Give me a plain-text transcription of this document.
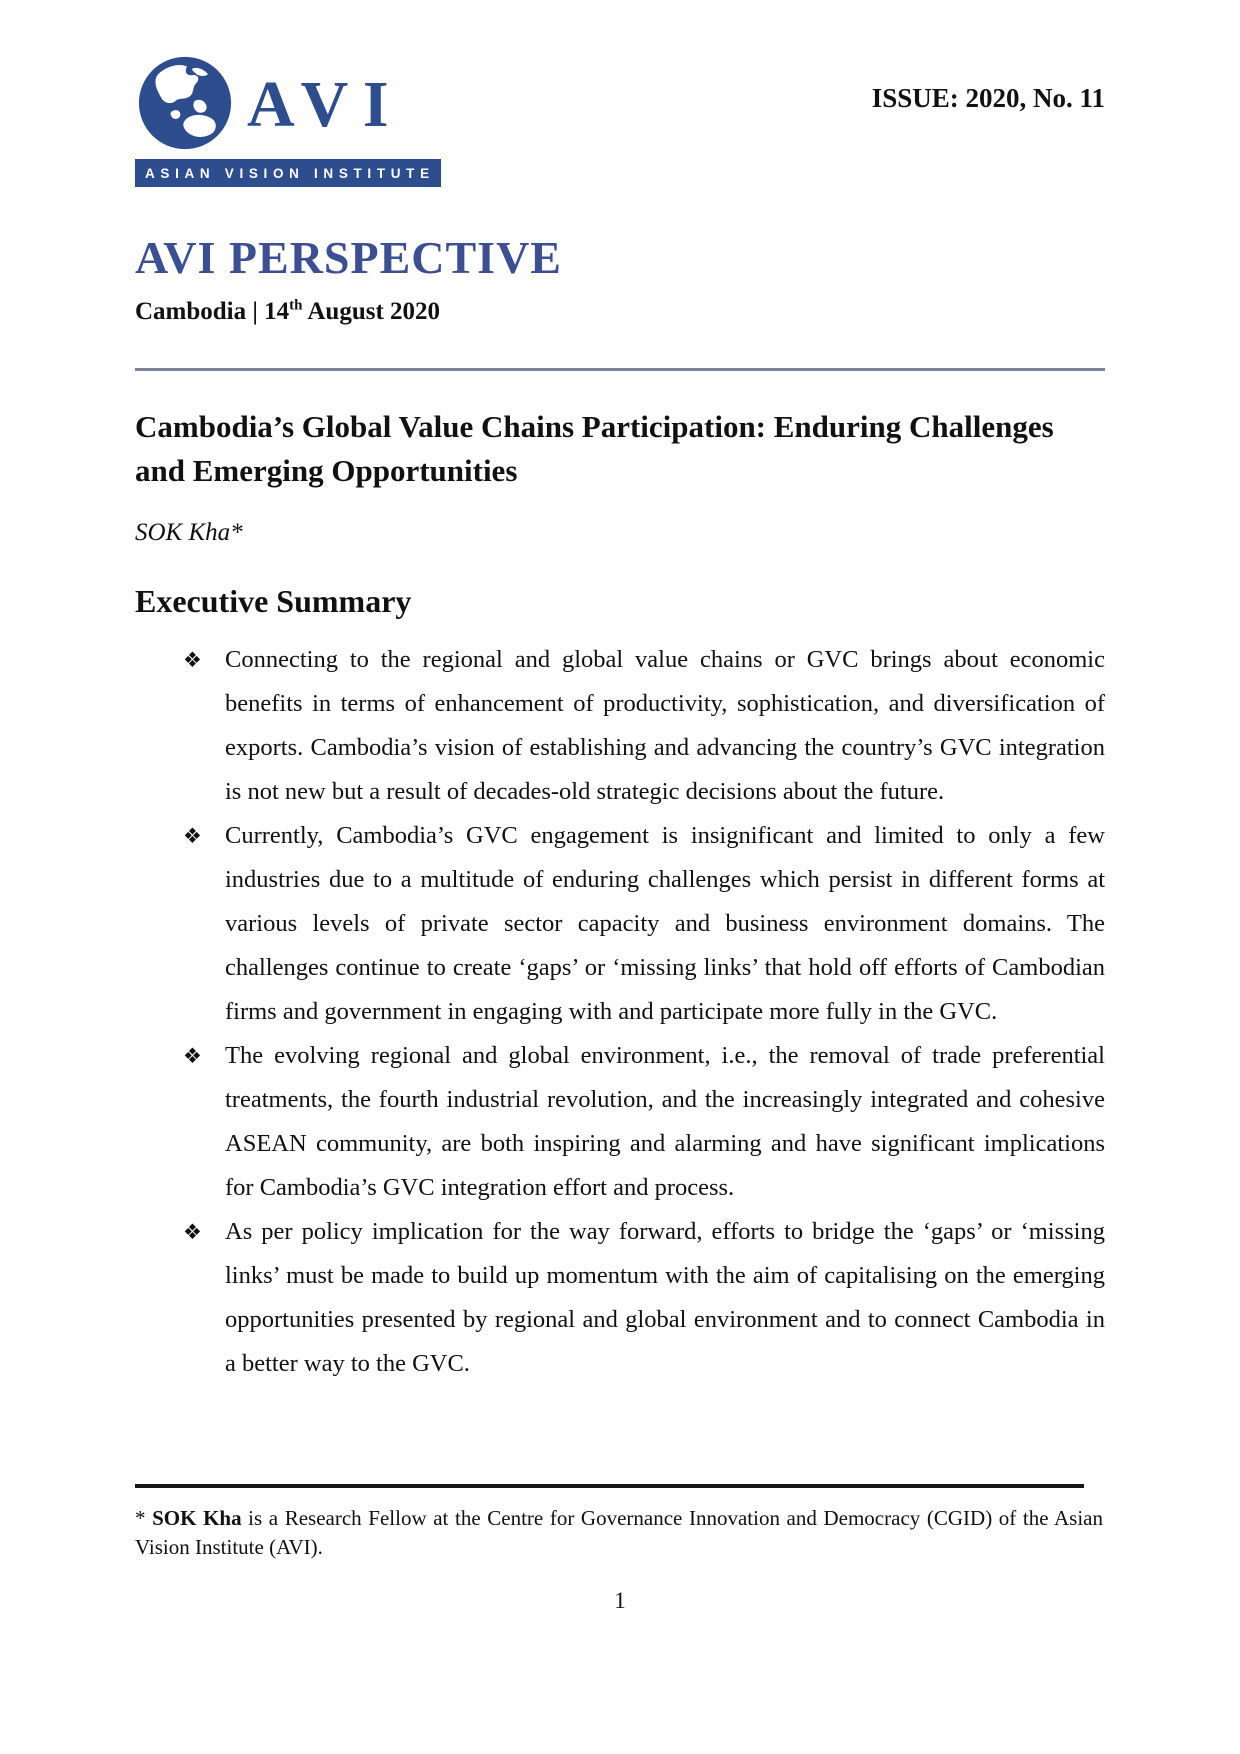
AVI
ASIAN VISION INSTITUTE
ISSUE: 2020, No. 11
AVI PERSPECTIVE
Cambodia | 14th August 2020
Cambodia’s Global Value Chains Participation: Enduring Challenges and Emerging Opportunities
SOK Kha*
Executive Summary
❖ Connecting to the regional and global value chains or GVC brings about economic benefits in terms of enhancement of productivity, sophistication, and diversification of exports. Cambodia’s vision of establishing and advancing the country’s GVC integration is not new but a result of decades-old strategic decisions about the future.
❖ Currently, Cambodia’s GVC engagement is insignificant and limited to only a few industries due to a multitude of enduring challenges which persist in different forms at various levels of private sector capacity and business environment domains. The challenges continue to create ‘gaps’ or ‘missing links’ that hold off efforts of Cambodian firms and government in engaging with and participate more fully in the GVC.
❖ The evolving regional and global environment, i.e., the removal of trade preferential treatments, the fourth industrial revolution, and the increasingly integrated and cohesive ASEAN community, are both inspiring and alarming and have significant implications for Cambodia’s GVC integration effort and process.
❖ As per policy implication for the way forward, efforts to bridge the ‘gaps’ or ‘missing links’ must be made to build up momentum with the aim of capitalising on the emerging opportunities presented by regional and global environment and to connect Cambodia in a better way to the GVC.

* SOK Kha is a Research Fellow at the Centre for Governance Innovation and Democracy (CGID) of the Asian Vision Institute (AVI).

1
